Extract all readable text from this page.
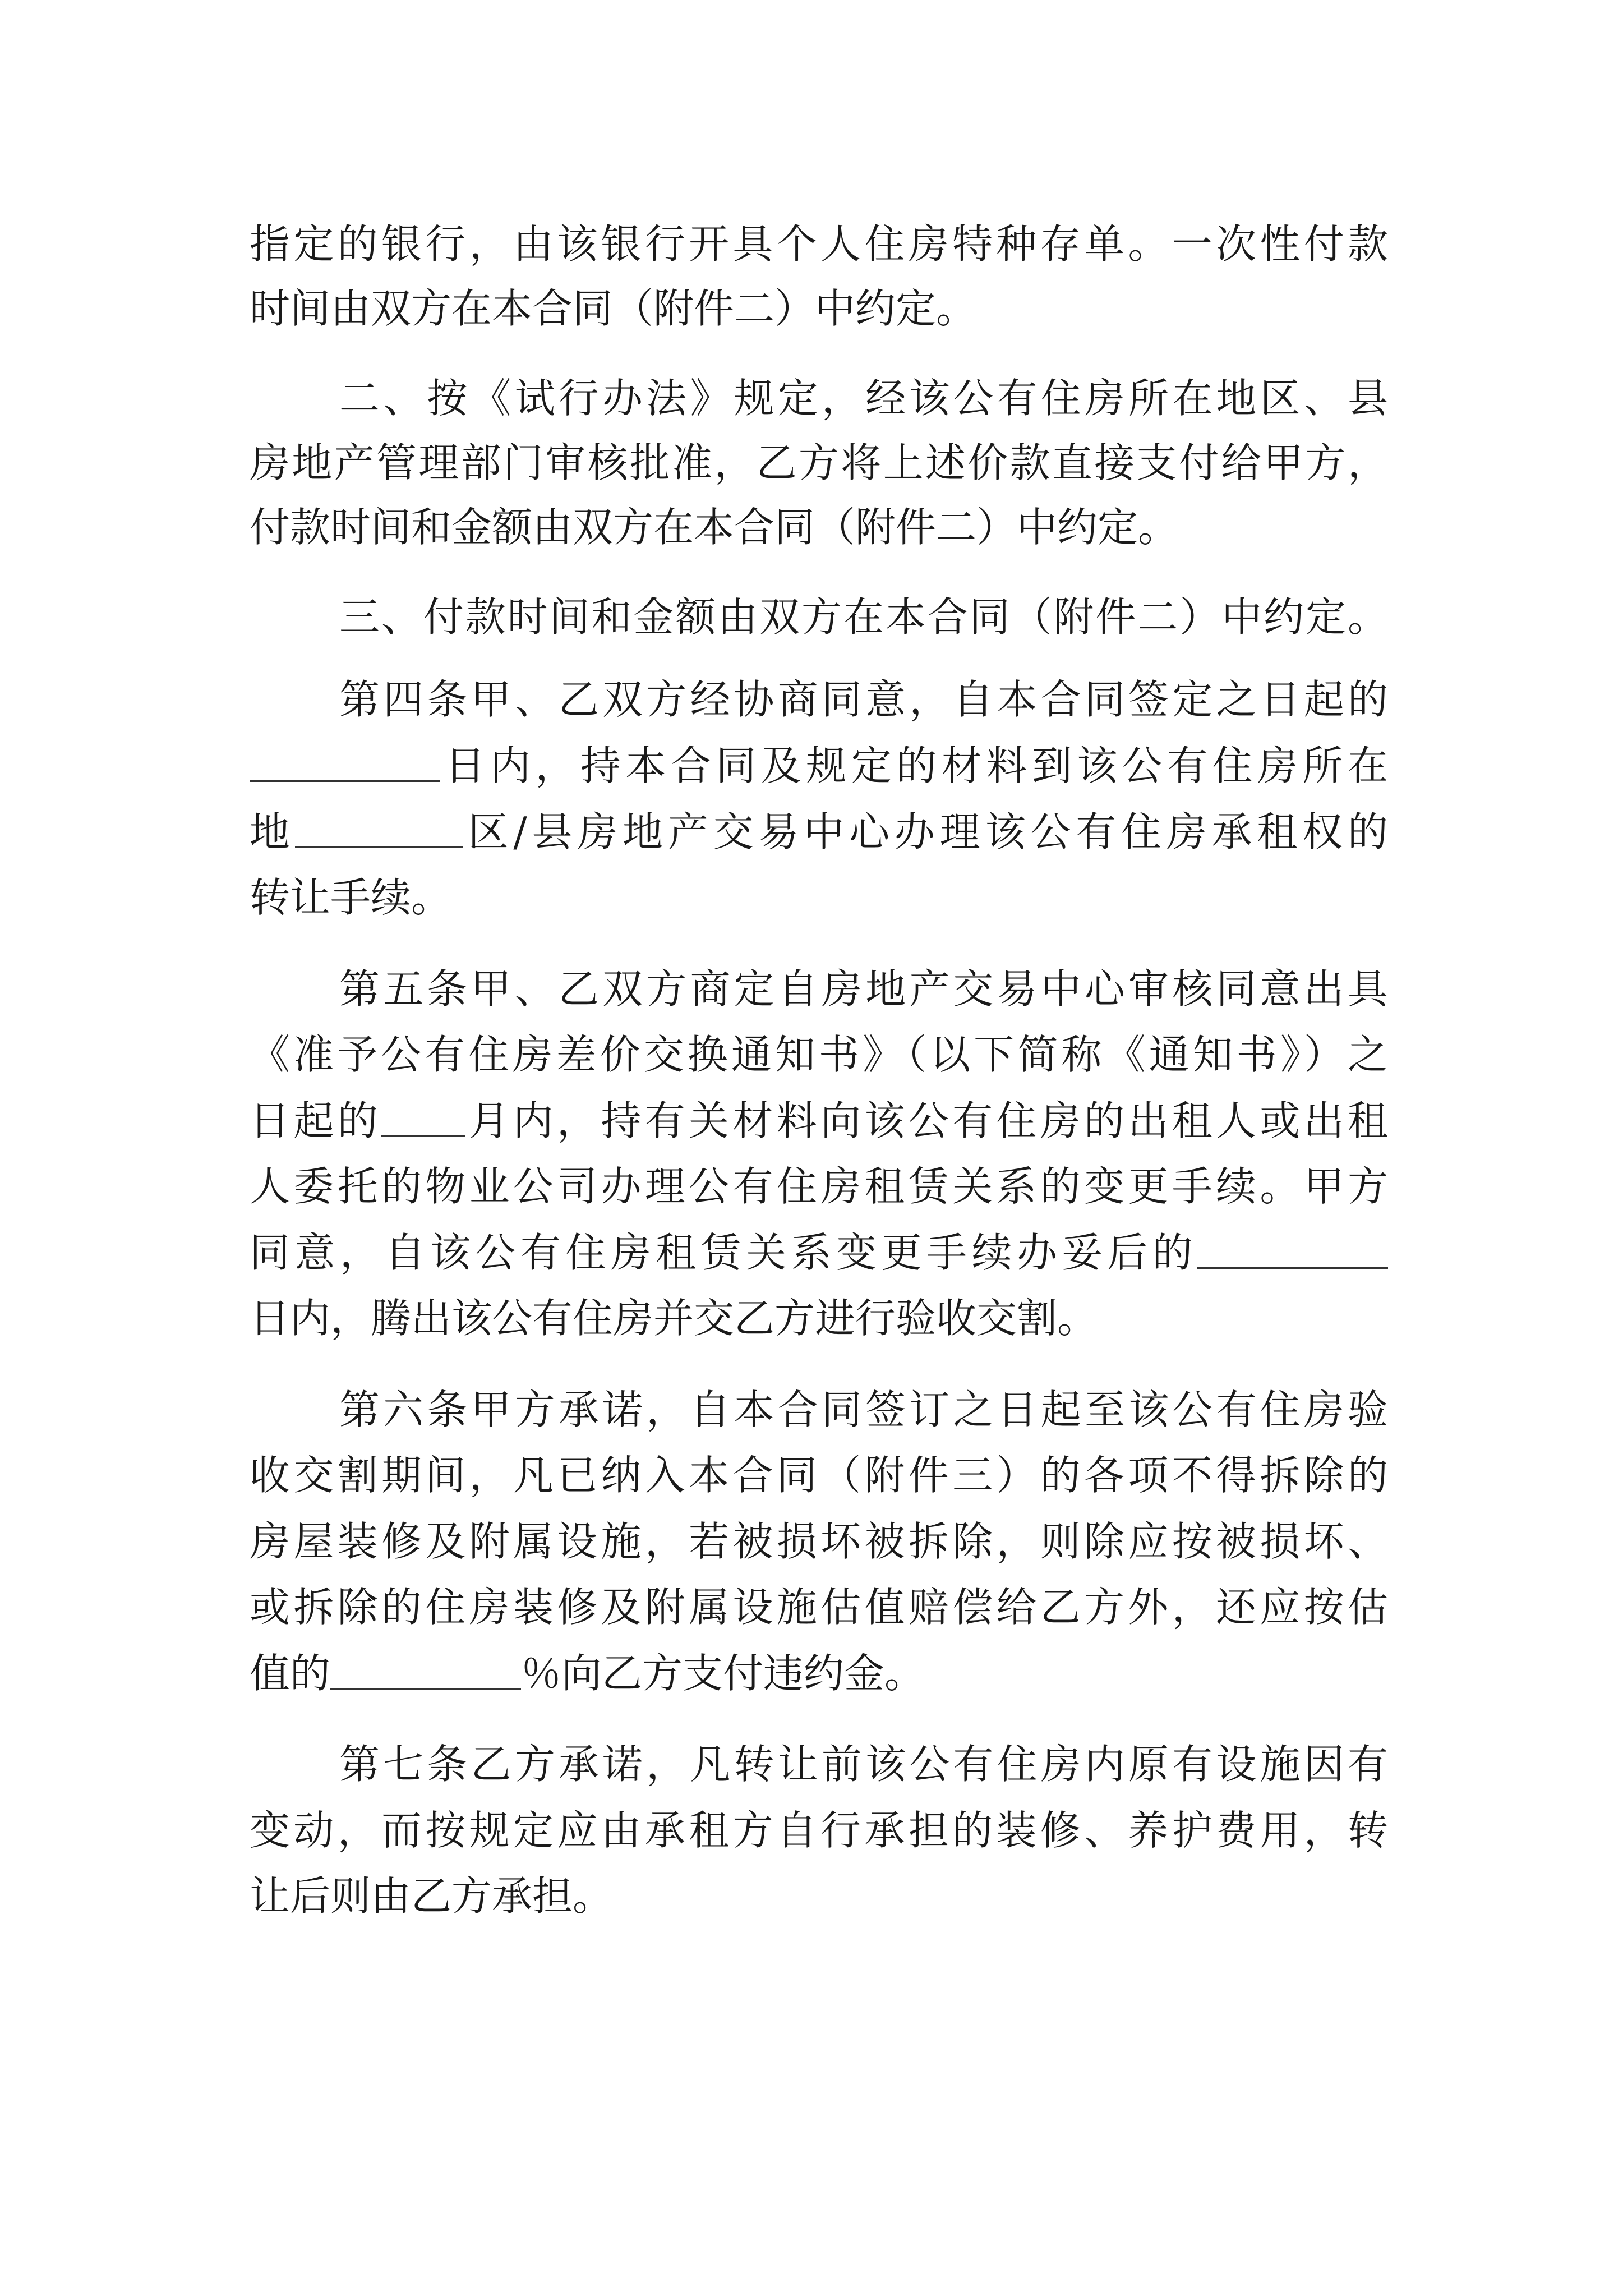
指定的银行，由该银行开具个人住房特种存单。一次性付款
时间由双方在本合同（附件二）中约定。
二、按《试行办法》规定，经该公有住房所在地区、县
房地产管理部门审核批准，乙方将上述价款直接支付给甲方，
付款时间和金额由双方在本合同（附件二）中约定。
三、付款时间和金额由双方在本合同（附件二）中约定。
第四条甲、乙双方经协商同意，自本合同签定之日起的
日内，持本合同及规定的材料到该公有住房所在
地	区/县房地产交易中心办理该公有住房承租权的
转让手续。
第五条甲、乙双方商定自房地产交易中心审核同意出具
《准予公有住房差价交换通知书》（以下简称《通知书》）之
日起的 月内，持有关材料向该公有住房的出租人或出租
人委托的物业公司办理公有住房租赁关系的变更手续。甲方
同意，自该公有住房租赁关系变更手续办妥后的
日内，腾出该公有住房并交乙方进行验收交割。
第六条甲方承诺，自本合同签订之日起至该公有住房验
收交割期间，凡已纳入本合同（附件三）的各项不得拆除的
房屋装修及附属设施，若被损坏被拆除，则除应按被损坏、
或拆除的住房装修及附属设施估值赔偿给乙方外，还应按估
值的	％向乙方支付违约金。
第七条乙方承诺，凡转让前该公有住房内原有设施因有
变动，而按规定应由承租方自行承担的装修、养护费用，转
让后则由乙方承担。
